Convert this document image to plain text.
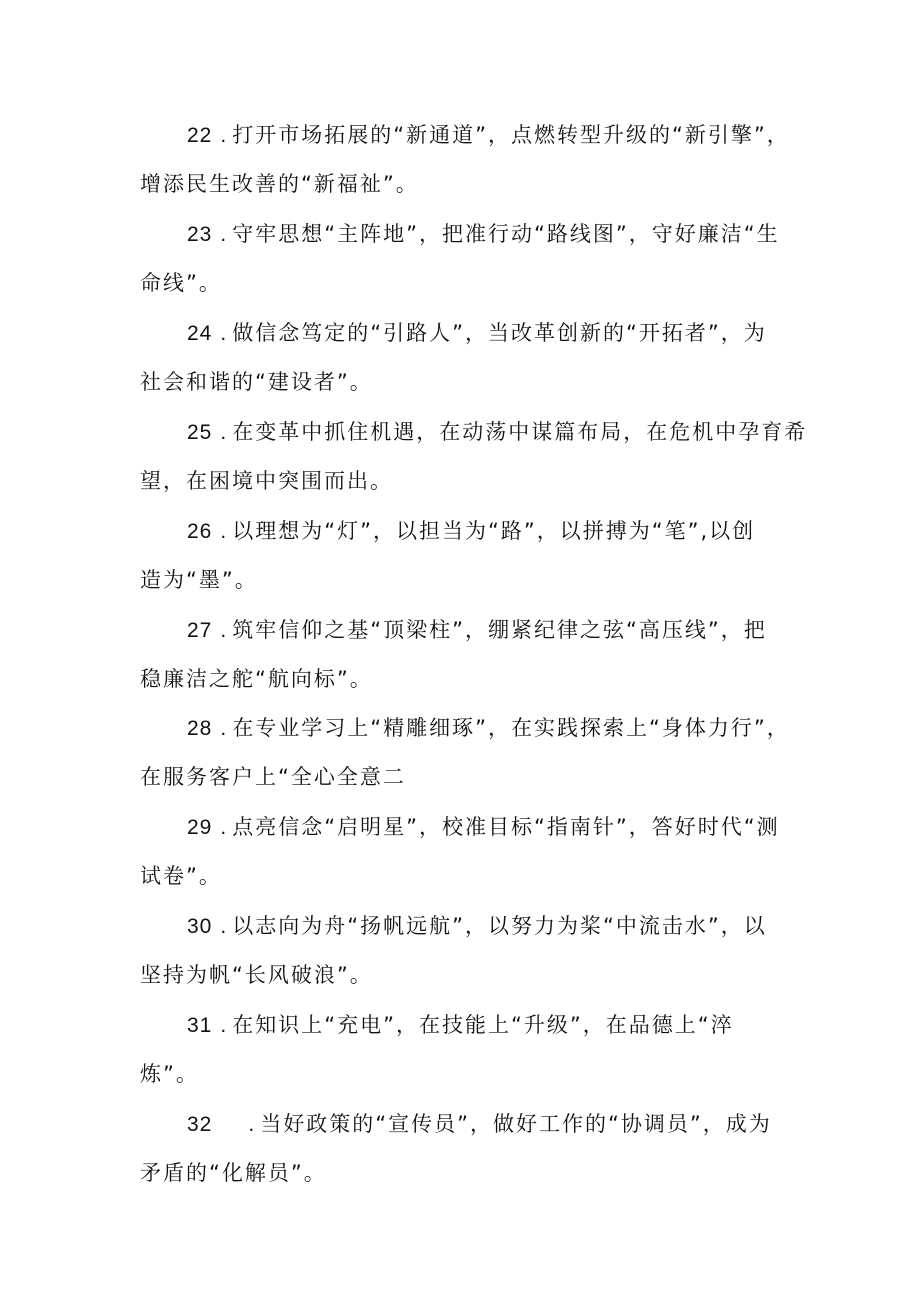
22 . 打开市场拓展的“新通道”，点燃转型升级的“新引擎”，
增添民生改善的“新福祉”。
23 . 守牢思想“主阵地”，把准行动“路线图”，守好廉洁“生
命线”。
24 . 做信念笃定的“引路人”，当改革创新的“开拓者”，为
社会和谐的“建设者”。
25 . 在变革中抓住机遇，在动荡中谋篇布局，在危机中孕育希
望，在困境中突围而出。
26 . 以理想为“灯”，以担当为“路”，以拼搏为“笔”,以创
造为“墨”。
27 . 筑牢信仰之基“顶梁柱”，绷紧纪律之弦“高压线”，把
稳廉洁之舵“航向标”。
28 . 在专业学习上“精雕细琢”，在实践探索上“身体力行”，
在服务客户上“全心全意二
29 . 点亮信念“启明星”，校准目标“指南针”，答好时代“测
试卷”。
30 . 以志向为舟“扬帆远航”，以努力为桨“中流击水”，以
坚持为帆“长风破浪”。
31 . 在知识上“充电”，在技能上“升级”，在品德上“淬
炼”。
32 . 当好政策的“宣传员”，做好工作的“协调员”，成为
矛盾的“化解员”。
